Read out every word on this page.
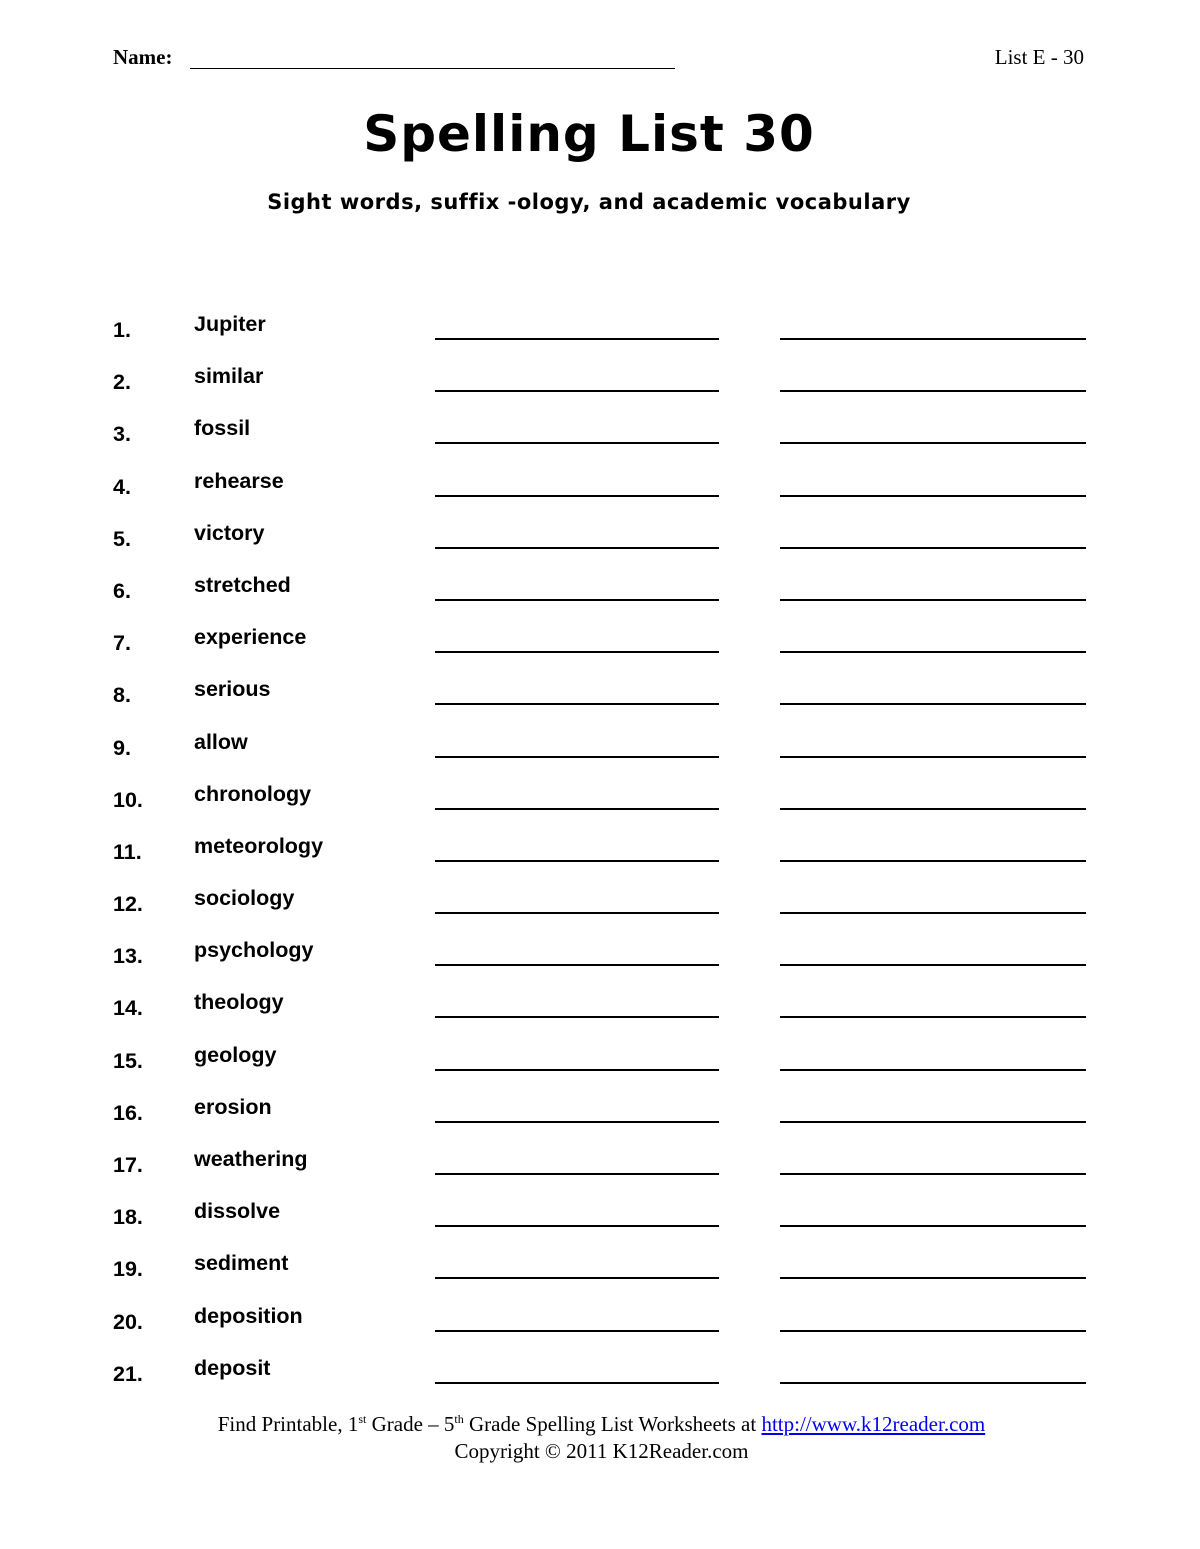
Name:	List E - 30
Spelling List 30
Sight words, suffix -ology, and academic vocabulary
1.	Jupiter
2.	similar
3.	fossil
4.	rehearse
5.	victory
6.	stretched
7.	experience
8.	serious
9.	allow
10. chronology
11. meteorology
12. sociology
13. psychology
14. theology
15. geology
16. erosion
17. weathering
18. dissolve
19. sediment
20. deposition
21. deposit
Find Printable, 1st Grade – 5th Grade Spelling List Worksheets at http://www.k12reader.com
Copyright © 2011 K12Reader.com
